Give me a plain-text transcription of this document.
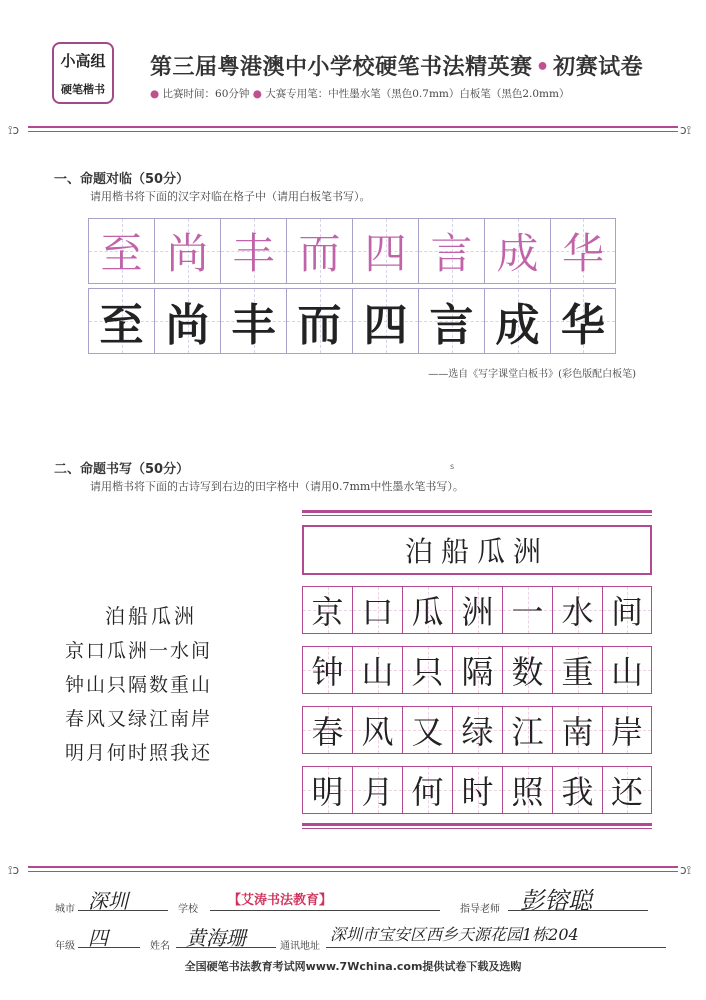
小高组
硬笔楷书
第三届粤港澳中小学校硬笔书法精英赛 • 初赛试卷
● 比赛时间：60分钟 ● 大赛专用笔：中性墨水笔（黑色0.7mm）白板笔（黑色2.0mm）
⟟ↄ	ↄ⟟
一、命题对临（50分）
请用楷书将下面的汉字对临在格子中（请用白板笔书写）。
至 尚 丰 而 四 言 成 华
至 尚 丰 而 四 言 成 华
——选自《写字课堂白板书》(彩色版配白板笔)
s
二、命题书写（50分）
请用楷书将下面的古诗写到右边的田字格中（请用0.7mm中性墨水笔书写）。
泊船瓜洲
京口瓜洲一水间
钟山只隔数重山
春风又绿江南岸
明月何时照我还
泊船瓜洲
京 口 瓜 洲 一 水 间
钟 山 只 隔 数 重 山
春 风 又 绿 江 南 岸
明 月 何 时 照 我 还
⟟ↄ	ↄ⟟
城市 深圳	学校
【艾涛书法教育】
指导老师 彭镕聪
年级 四	姓名 黄海珊	通讯地址
深圳市宝安区西乡天源花园1栋204
全国硬笔书法教育考试网www.7Wchina.com提供试卷下载及选购
